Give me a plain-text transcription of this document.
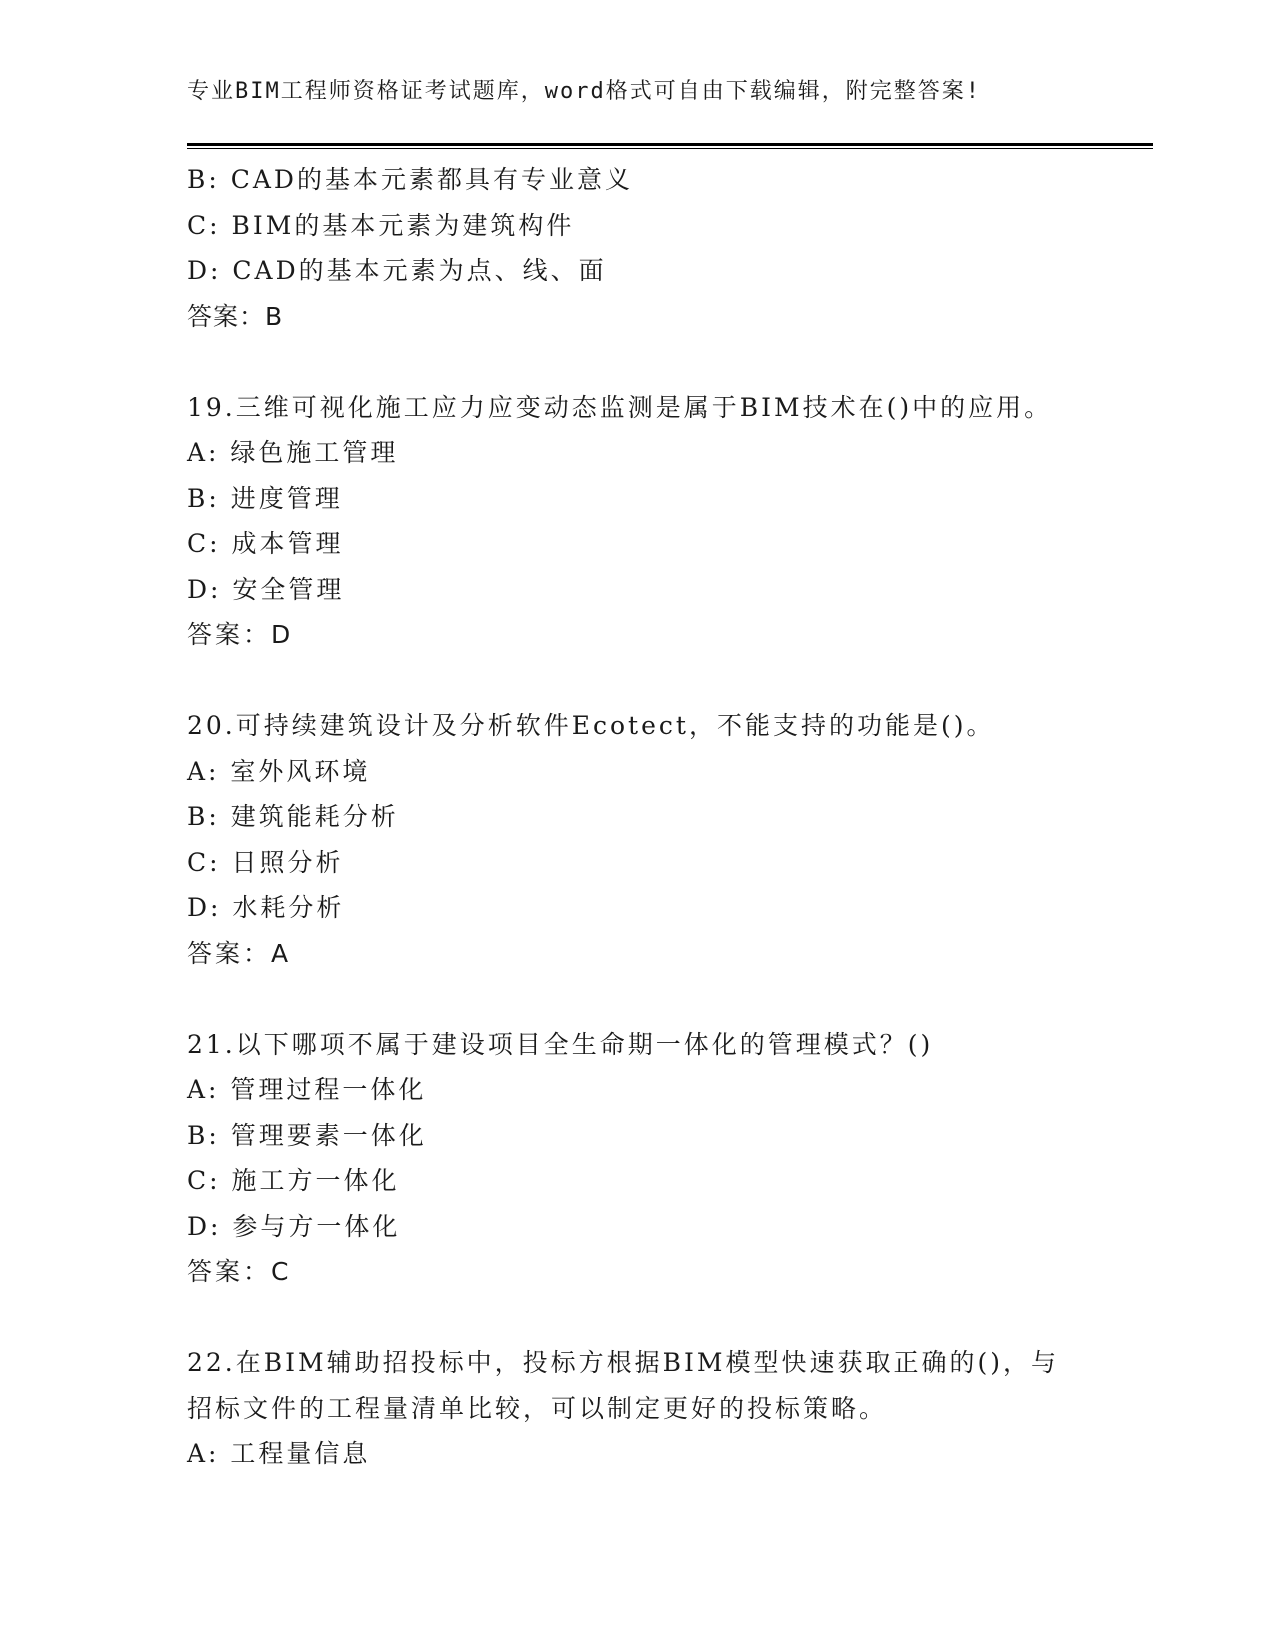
专业BIM工程师资格证考试题库，word格式可自由下载编辑，附完整答案!
B: CAD的基本元素都具有专业意义
C: BIM的基本元素为建筑构件
D: CAD的基本元素为点、线、面
答案：B
19.三维可视化施工应力应变动态监测是属于BIM技术在()中的应用。
A: 绿色施工管理
B: 进度管理
C: 成本管理
D: 安全管理
答案：D
20.可持续建筑设计及分析软件Ecotect，不能支持的功能是()。
A: 室外风环境
B: 建筑能耗分析
C: 日照分析
D: 水耗分析
答案：A
21.以下哪项不属于建设项目全生命期一体化的管理模式？()
A: 管理过程一体化
B: 管理要素一体化
C: 施工方一体化
D: 参与方一体化
答案：C
22.在BIM辅助招投标中，投标方根据BIM模型快速获取正确的()，与
招标文件的工程量清单比较，可以制定更好的投标策略。
A: 工程量信息
